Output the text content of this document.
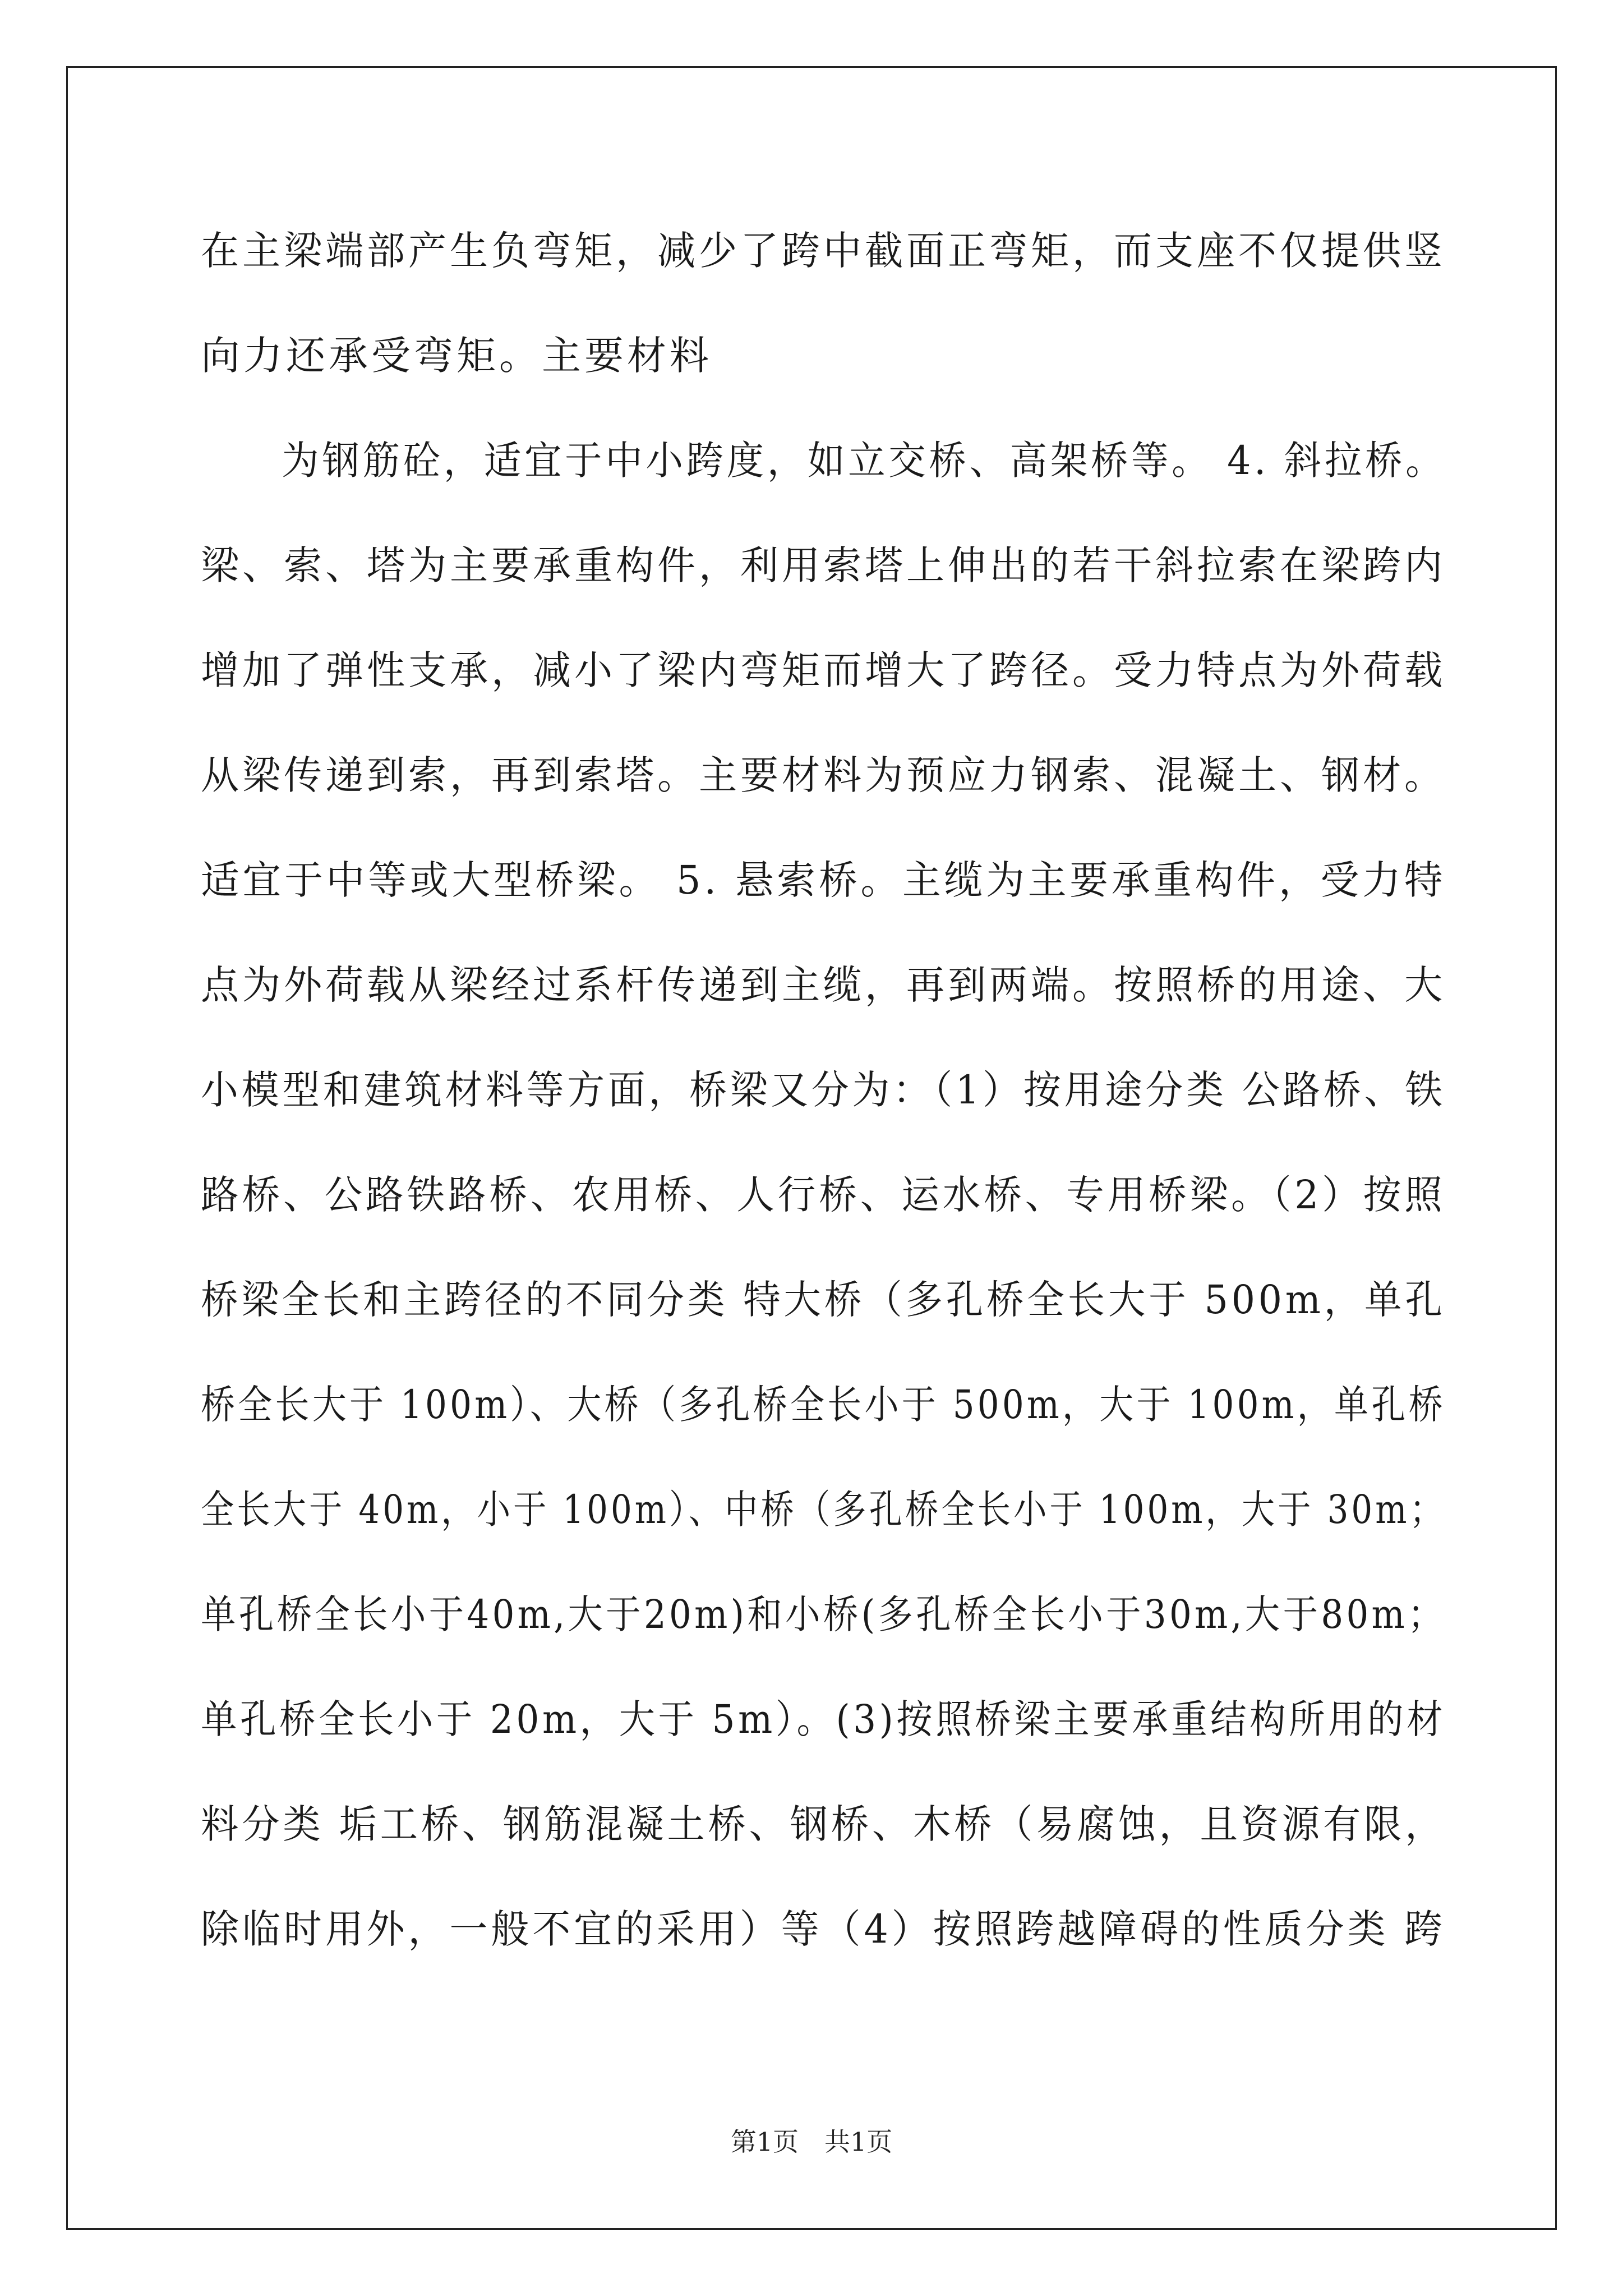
在主梁端部产生负弯矩，减少了跨中截面正弯矩，而支座不仅提供竖
向力还承受弯矩。主要材料
　　为钢筋砼，适宜于中小跨度，如立交桥、高架桥等。 4. 斜拉桥。
梁、索、塔为主要承重构件，利用索塔上伸出的若干斜拉索在梁跨内
增加了弹性支承，减小了梁内弯矩而增大了跨径。受力特点为外荷载
从梁传递到索，再到索塔。主要材料为预应力钢索、混凝土、钢材。
适宜于中等或大型桥梁。 5. 悬索桥。主缆为主要承重构件，受力特
点为外荷载从梁经过系杆传递到主缆，再到两端。按照桥的用途、大
小模型和建筑材料等方面，桥梁又分为：（1）按用途分类 公路桥、铁
路桥、公路铁路桥、农用桥、人行桥、运水桥、专用桥梁。（2）按照
桥梁全长和主跨径的不同分类 特大桥（多孔桥全长大于 500m，单孔
桥全长大于 100m）、大桥（多孔桥全长小于 500m，大于 100m，单孔桥
全长大于 40m，小于 100m）、中桥（多孔桥全长小于 100m，大于 30m；
单孔桥全长小于40m,大于20m)和小桥(多孔桥全长小于30m,大于80m；
单孔桥全长小于 20m，大于 5m）。(3)按照桥梁主要承重结构所用的材
料分类 垢工桥、钢筋混凝土桥、钢桥、木桥（易腐蚀，且资源有限，
除临时用外，一般不宜的采用）等（4）按照跨越障碍的性质分类 跨
第1页　共1页
